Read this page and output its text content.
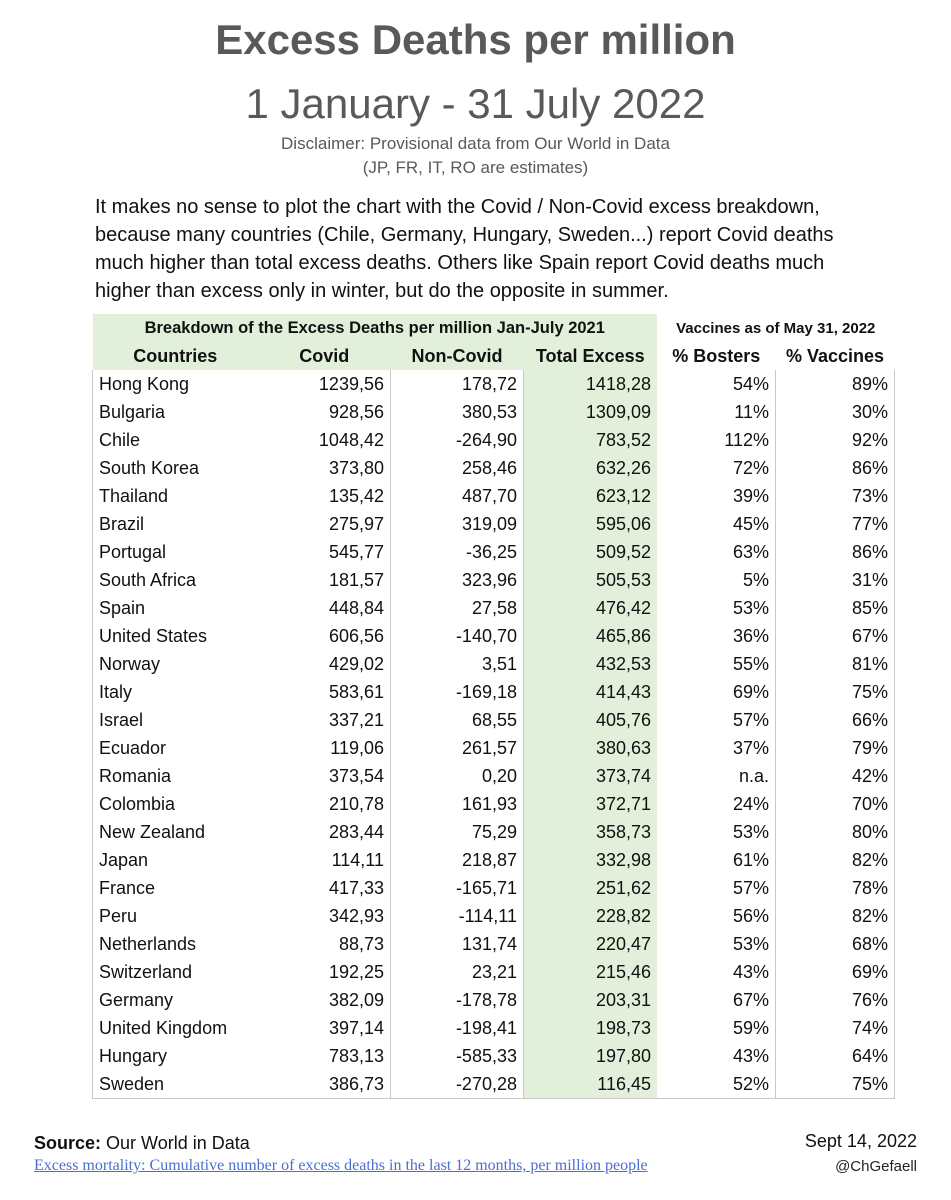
Excess Deaths per million
1 January - 31 July 2022
Disclaimer: Provisional data from Our World in Data
(JP, FR, IT, RO are estimates)
It makes no sense to plot the chart with the Covid / Non-Covid excess breakdown,
because many countries (Chile, Germany, Hungary, Sweden...) report Covid deaths
much higher than total excess deaths. Others like Spain report Covid deaths much
higher than excess only in winter, but do the opposite in summer.
Breakdown of the Excess Deaths per million Jan-July 2021				Vaccines as of May 31, 2022	
Countries	Covid	Non-Covid	Total Excess	% Bosters	% Vaccines
Hong Kong	1239,56	178,72	1418,28	54%	89%
Bulgaria	928,56	380,53	1309,09	11%	30%
Chile	1048,42	-264,90	783,52	112%	92%
South Korea	373,80	258,46	632,26	72%	86%
Thailand	135,42	487,70	623,12	39%	73%
Brazil	275,97	319,09	595,06	45%	77%
Portugal	545,77	-36,25	509,52	63%	86%
South Africa	181,57	323,96	505,53	5%	31%
Spain	448,84	27,58	476,42	53%	85%
United States	606,56	-140,70	465,86	36%	67%
Norway	429,02	3,51	432,53	55%	81%
Italy	583,61	-169,18	414,43	69%	75%
Israel	337,21	68,55	405,76	57%	66%
Ecuador	119,06	261,57	380,63	37%	79%
Romania	373,54	0,20	373,74	n.a.	42%
Colombia	210,78	161,93	372,71	24%	70%
New Zealand	283,44	75,29	358,73	53%	80%
Japan	114,11	218,87	332,98	61%	82%
France	417,33	-165,71	251,62	57%	78%
Peru	342,93	-114,11	228,82	56%	82%
Netherlands	88,73	131,74	220,47	53%	68%
Switzerland	192,25	23,21	215,46	43%	69%
Germany	382,09	-178,78	203,31	67%	76%
United Kingdom	397,14	-198,41	198,73	59%	74%
Hungary	783,13	-585,33	197,80	43%	64%
Sweden	386,73	-270,28	116,45	52%	75%
Source: Our World in Data
Excess mortality: Cumulative number of excess deaths in the last 12 months, per million people
Sept 14, 2022
@ChGefaell
